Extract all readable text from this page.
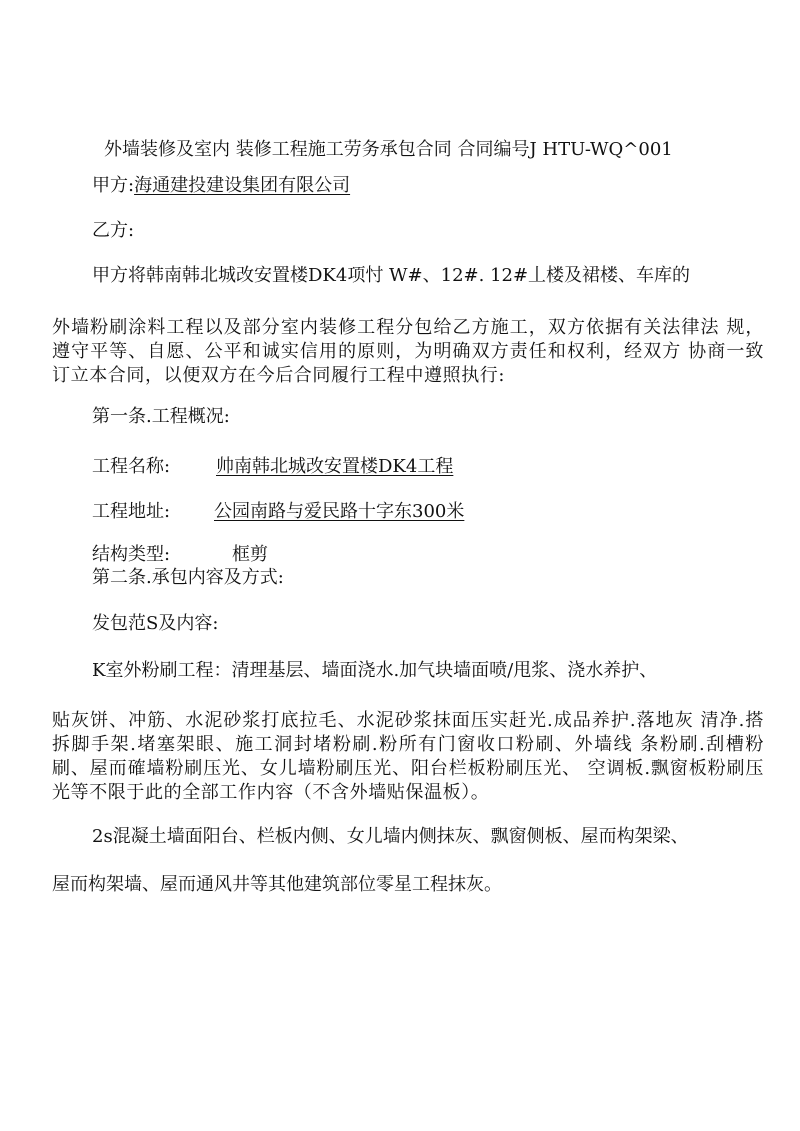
外墙装修及室内 装修工程施工劳务承包合同 合同编号J HTU-WQ^001
甲方:海通建投建设集团有限公司
乙方:
甲方将韩南韩北城改安置楼DK4项忖 W#、12#. 12#丄楼及裙楼、车库的
外墙粉刷涂料工程以及部分室内装修工程分包给乙方施工，双方依据有关法律法 规，遵守平等、自愿、公平和诚实信用的原则，为明确双方责任和权利，经双方 协商一致订立本合同，以便双方在今后合同履行工程中遵照执行:
第一条.工程概况:
工程名称:	帅南韩北城改安置楼DK4工程
工程地址: 公园南路与爱民路十字东300米
结构类型:	框剪
第二条.承包内容及方式:
发包范S及内容:
K室外粉刷工程：清理基层、墙面浇水.加气块墙面喷/甩浆、浇水养护、
贴灰饼、冲筋、水泥砂浆打底拉毛、水泥砂浆抹面压实赶光.成品养护.落地灰 清净.搭拆脚手架.堵塞架眼、施工洞封堵粉刷.粉所有门窗收口粉刷、外墙线 条粉刷.刮槽粉刷、屋而確墙粉刷压光、女儿墙粉刷压光、阳台栏板粉刷压光、 空调板.飘窗板粉刷压光等不限于此的全部工作内容（不含外墙贴保温板）。
2s混凝土墙面阳台、栏板内侧、女儿墙内侧抹灰、飘窗侧板、屋而构架梁、
屋而构架墙、屋而通风井等其他建筑部位零星工程抹灰。
